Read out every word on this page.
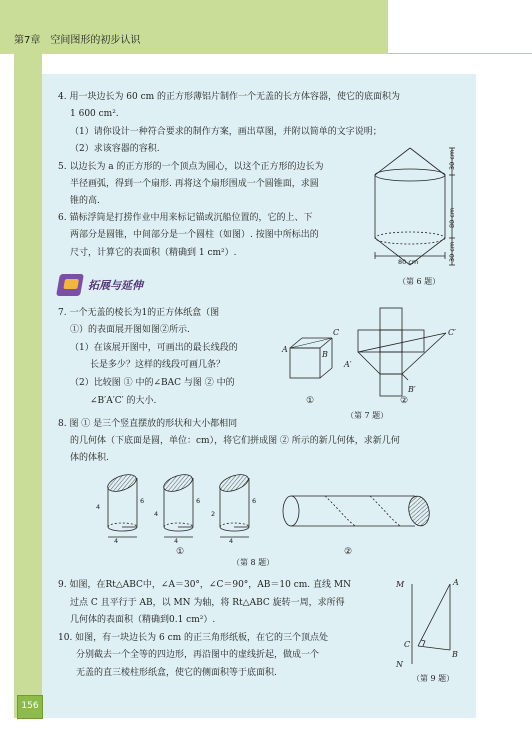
第7章　空间图形的初步认识
156
4. 用一块边长为 60 cm 的正方形薄铝片制作一个无盖的长方体容器，使它的底面积为
1 600 cm².
（1）请你设计一种符合要求的制作方案，画出草图，并附以简单的文字说明；
（2）求该容器的容积.
5. 以边长为 a 的正方形的一个顶点为圆心，以这个正方形的边长为
半径画弧，得到一个扇形. 再将这个扇形围成一个圆锥面，求圆
锥的高.
6. 锚标浮筒是打捞作业中用来标记锚或沉船位置的，它的上、下
两部分是圆锥，中间部分是一个圆柱（如图）. 按图中所标出的
尺寸，计算它的表面积（精确到 1 cm²）.
30 cm
80 cm
30 cm
80 cm
（第 6 题）
拓展与延伸
7. 一个无盖的棱长为1的正方体纸盒（图
①）的表面展开图如图②所示.
（1）在该展开图中，可画出的最长线段的
长是多少？这样的线段可画几条？
（2）比较图 ① 中的∠BAC 与图 ② 中的
∠B′A′C′ 的大小.
A
B
C	C′
A′
B′
①	②
（第 7 题）
8. 图 ① 是三个竖直摆放的形状和大小都相同
的几何体（下底面是圆，单位：cm），将它们拼成图 ② 所示的新几何体，求新几何
体的体积.
4
6
4
4
6
4
2
6
4
①	②
（第 8 题）
9. 如图，在Rt△ABC中，∠A＝30°，∠C＝90°，AB＝10 cm. 直线 MN
过点 C 且平行于 AB，以 MN 为轴，将 Rt△ABC 旋转一周，求所得
几何体的表面积（精确到0.1 cm²）.
M
N
A
B
C
（第 9 题）
10. 如图，有一块边长为 6 cm 的正三角形纸板，在它的三个顶点处
分别截去一个全等的四边形，再沿图中的虚线折起，做成一个
无盖的直三棱柱形纸盒，使它的侧面积等于底面积.
